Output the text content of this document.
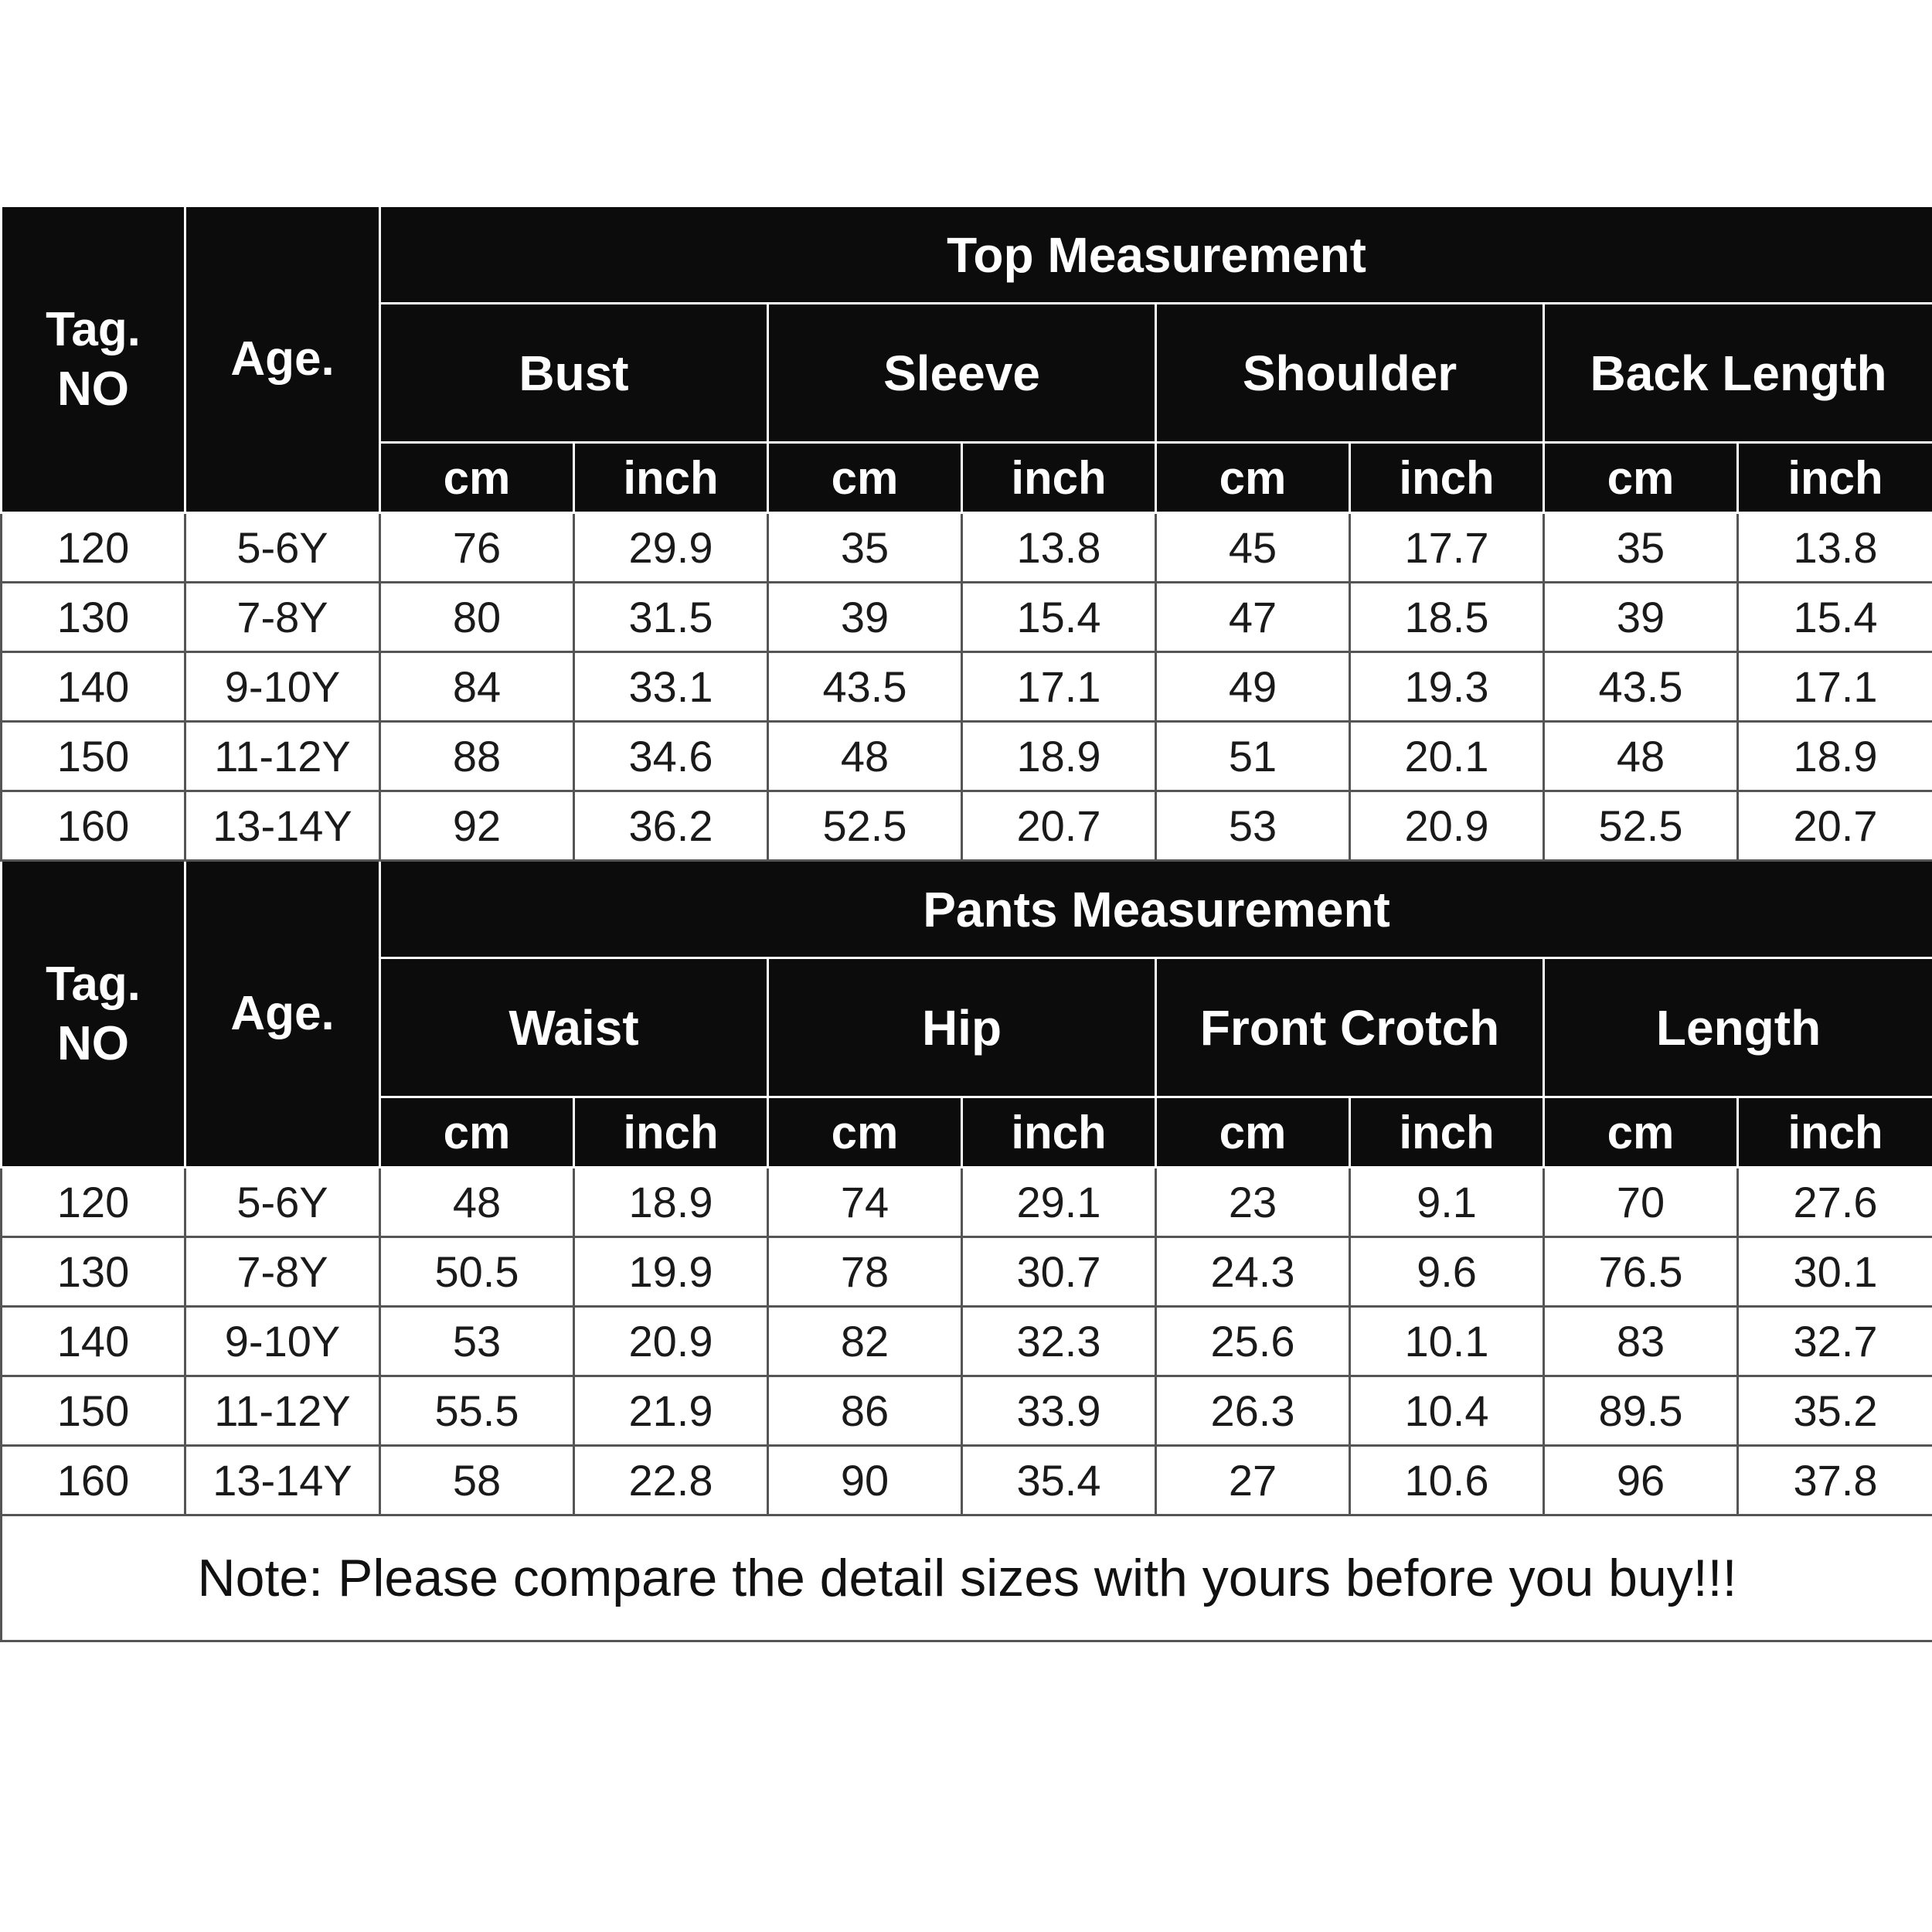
Tag.
NO	Age.	Top Measurement							
		Bust		Sleeve		Shoulder		Back Length	
		cm	inch	cm	inch	cm	inch	cm	inch
120	5-6Y	76	29.9	35	13.8	45	17.7	35	13.8
130	7-8Y	80	31.5	39	15.4	47	18.5	39	15.4
140	9-10Y	84	33.1	43.5	17.1	49	19.3	43.5	17.1
150	11-12Y	88	34.6	48	18.9	51	20.1	48	18.9
160	13-14Y	92	36.2	52.5	20.7	53	20.9	52.5	20.7

Tag.
NO	Age.	Pants Measurement							
		Waist		Hip		Front Crotch		Length	
		cm	inch	cm	inch	cm	inch	cm	inch
120	5-6Y	48	18.9	74	29.1	23	9.1	70	27.6
130	7-8Y	50.5	19.9	78	30.7	24.3	9.6	76.5	30.1
140	9-10Y	53	20.9	82	32.3	25.6	10.1	83	32.7
150	11-12Y	55.5	21.9	86	33.9	26.3	10.4	89.5	35.2
160	13-14Y	58	22.8	90	35.4	27	10.6	96	37.8
Note: Please compare the detail sizes with yours before you buy!!!									
